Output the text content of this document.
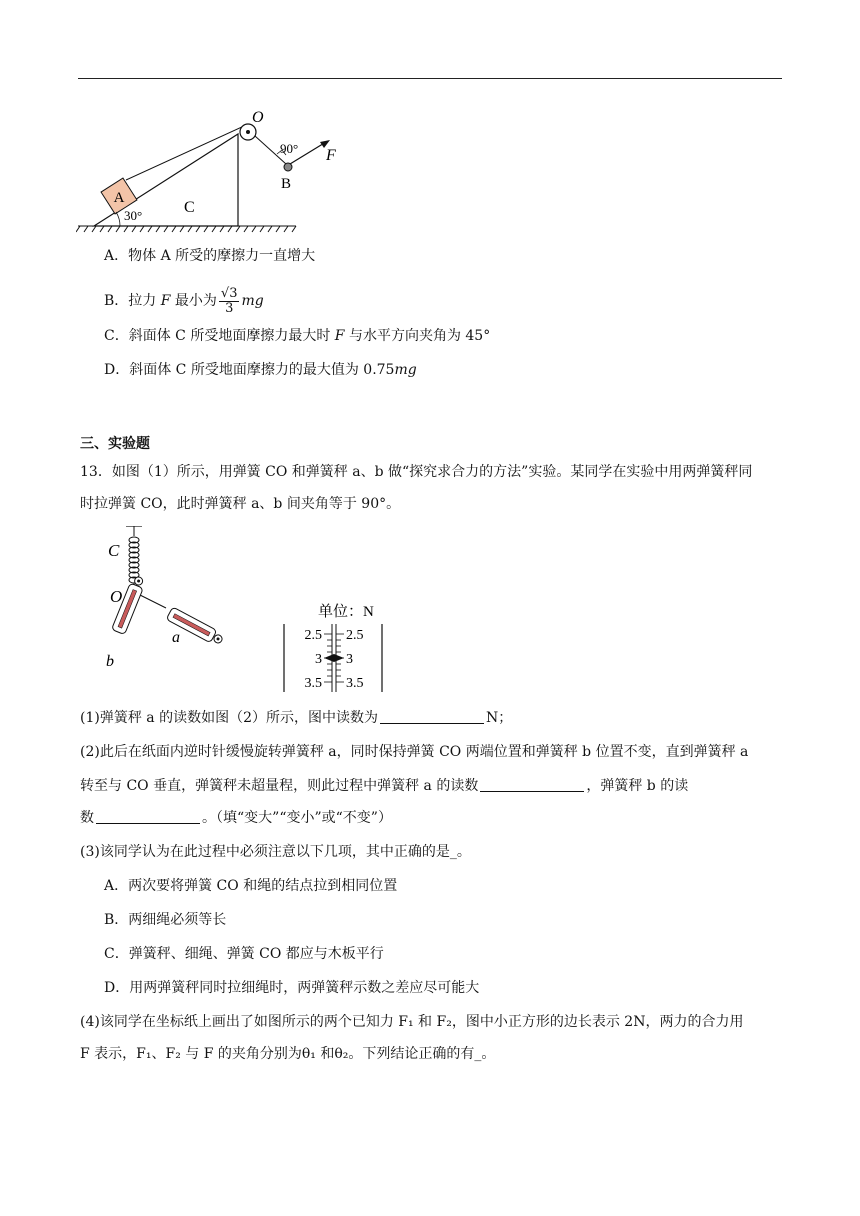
O
F
90°
B
A
30°	C
A．物体 A 所受的摩擦力一直增大
B．拉力 F 最小为 $\frac{√3}{3}$ mg
C．斜面体 C 所受地面摩擦力最大时 F 与水平方向夹角为 45°
D．斜面体 C 所受地面摩擦力的最大值为 0.75mg
三、实验题
13．如图（1）所示，用弹簧 CO 和弹簧秤 a、b 做“探究求合力的方法”实验。某同学在实验中用两弹簧秤同
时拉弹簧 CO，此时弹簧秤 a、b 间夹角等于 90°。
C
O
a
b
单位：N
2.5
3
3.5
2.5
3
3.5
(1)弹簧秤 a 的读数如图（2）所示，图中读数为	N；
(2)此后在纸面内逆时针缓慢旋转弹簧秤 a，同时保持弹簧 CO 两端位置和弹簧秤 b 位置不变，直到弹簧秤 a
转至与 CO 垂直，弹簧秤未超量程，则此过程中弹簧秤 a 的读数	，弹簧秤 b 的读
数	。（填“变大”“变小”或“不变”）
(3)该同学认为在此过程中必须注意以下几项，其中正确的是_。
A．两次要将弹簧 CO 和绳的结点拉到相同位置
B．两细绳必须等长
C．弹簧秤、细绳、弹簧 CO 都应与木板平行
D．用两弹簧秤同时拉细绳时，两弹簧秤示数之差应尽可能大
(4)该同学在坐标纸上画出了如图所示的两个已知力 F₁ 和 F₂，图中小正方形的边长表示 2N，两力的合力用
F 表示，F₁、F₂ 与 F 的夹角分别为θ₁ 和θ₂。下列结论正确的有_。
